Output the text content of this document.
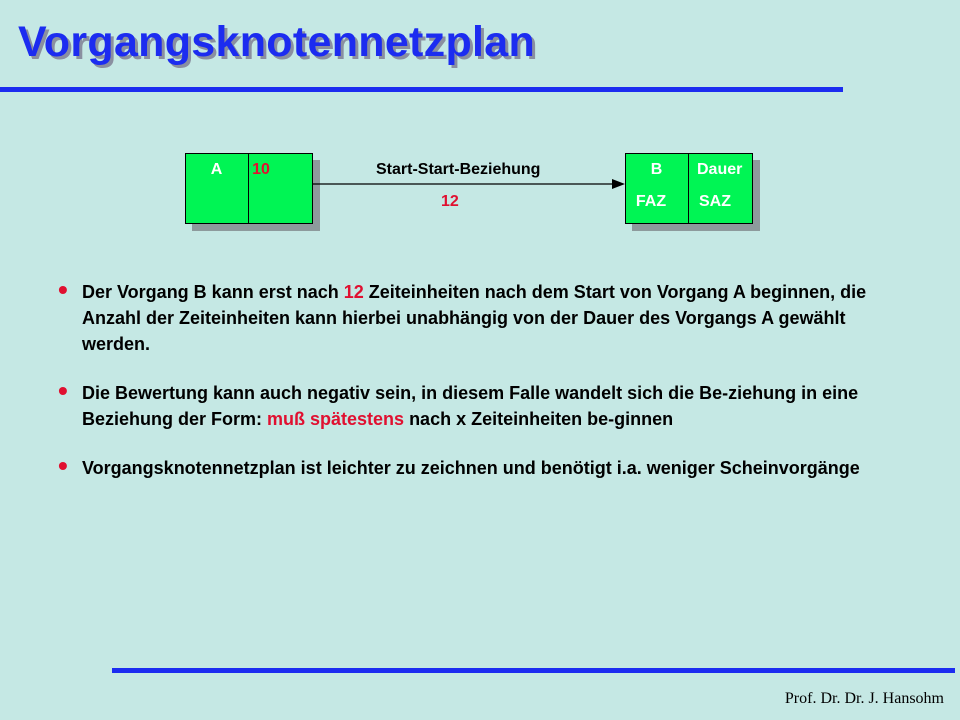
Vorgangsknotennetzplan
A	10	Start-Start-Beziehung
12
B	Dauer
FAZ	SAZ
• Der Vorgang B kann erst nach 12 Zeiteinheiten nach dem Start von Vorgang A beginnen, die Anzahl der Zeiteinheiten kann hierbei unabhängig von der Dauer des Vorgangs A gewählt werden.
• Die Bewertung kann auch negativ sein, in diesem Falle wandelt sich die Be-ziehung in eine Beziehung der Form: muß spätestens nach x Zeiteinheiten be-ginnen
• Vorgangsknotennetzplan ist leichter zu zeichnen und benötigt i.a. weniger Scheinvorgänge
Prof. Dr. Dr. J. Hansohm
